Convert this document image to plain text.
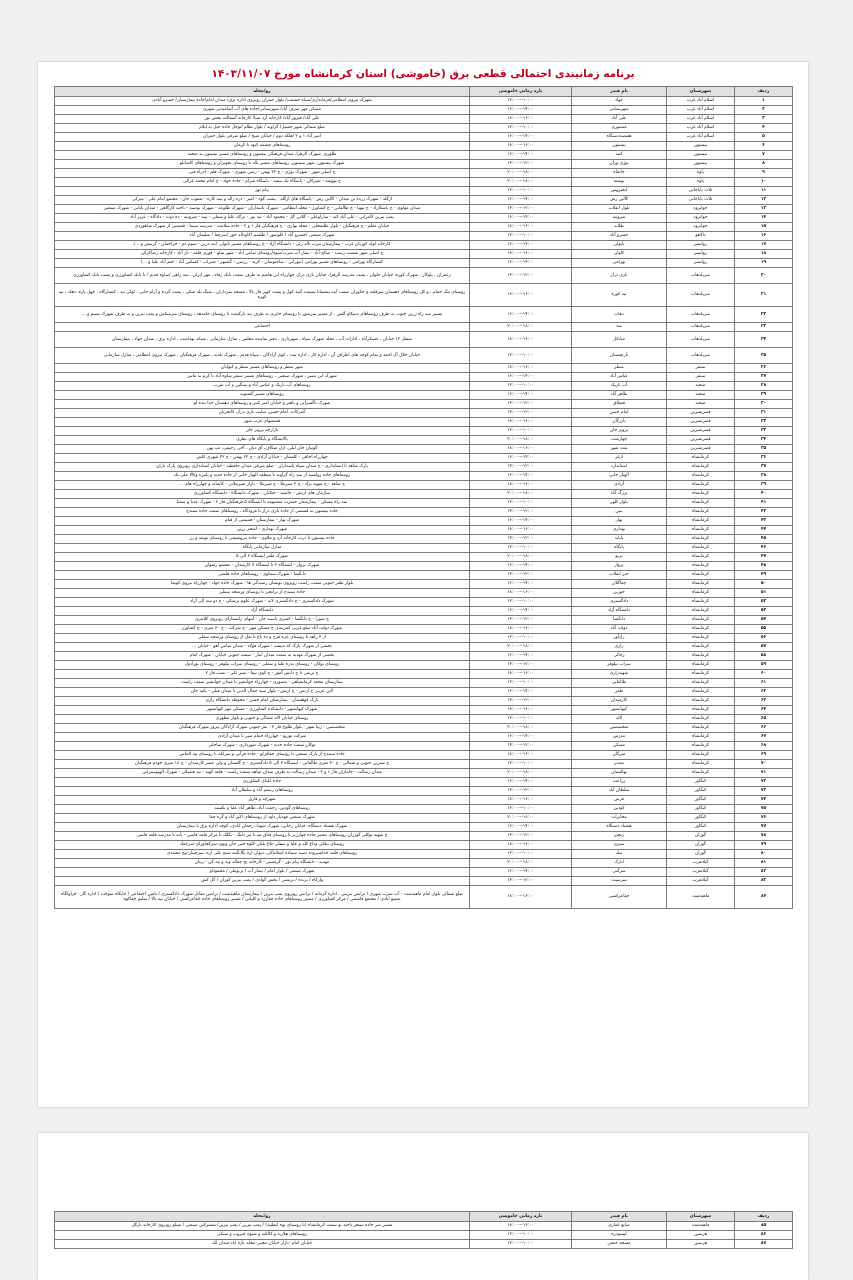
برنامه زمانبندی احتمالی قطعی برق (خاموشی) استان کرمانشاه مورخ ۱۴۰۳/۱۱/۰۷
ردیف	شهرستان	نام فیدر	بازه زمانی خاموشی	رو/محله
۱	اسلام آباد غرب	جهاد	۱۰:۰۰---۱۲:۰۰	شهرک نیروی انتظامی/فرمانداری/سپاه حشمت/ بلوار جمران روبروی اداره برق/ میدان امام/جاده بیمارستان/ خسرو آبادی
۲	اسلام آباد غرب	شهرستانی	۱۴:۰۰---۱۶:۰۰	مسکن مهر شرف آباد/ شهرستانی/جاده های آب آشامیدنی شهری
۳	اسلام آباد غرب	علی آباد	۱۶:۰۰---۱۸:۰۰	علی آباد/ فیروز آباد/ کارخانه آرد مینا/ کارخانه آسفالت بخش نور
۴	اسلام آباد غرب	منصوری	۱۰:۰۰---۱۲:۰۰	ضلع شمالی شهر حسیل/ گراوند / بلوار نظام /توحل جاده حیل به ایلام
۵	اسلام آباد غرب	هفتصددستگاه	۱۴:۰۰---۱۶:۰۰	امیر آباد ۱ و ۲ /فلکه دوم / خیابان شیخ / ضلع شرقی بلوار جمران
۶	بیستون	بیستون	۱۶:۰۰---۱۸:۰۰	روستاهای چشمه کبود تا کرمان
۷	بیستون	کنبه	۱۴:۰۰---۱۶:۰۰	طلوری، شهرک الزهرا، میدان فرهنگی بیستون و روستاهای مسیر بیستون به صحنه
۸	بیستون	نوژی وران	۱۲:۰۰---۱۴:۰۰	شهرک بیستون، شهر بیستون، روستاهای مسیر ناله تا روستای نجوبران و روستاهای کاشانلو
۹	پاوه	خانقاه	۱۸:۰۰---۲۰:۰۰	ج اصلی شهر - شهرک نوژی - ج ۲۲ بهمن - رمین شهری - شهرک قلم - ادراه فنی
۱۰	پاوه	نوشته	۱۸:۰۰---۲۰:۰۰	ج تووشه - شیرکان - پاسگاه تک تیشه - پاسگاه شرام - جاده جهاد - ج امام محمد غزالی
۱۱	ثلاث باباجانی	انجیروس	۱۰:۰۰---۱۲:۰۰	پیام نور
۱۲	ثلاث باباجانی	گالین رش	۱۴:۰۰---۱۶:۰۰	ازگله - شهرک زرده تن میدان - گالین رش - پاسگاه های ازگله - پشت کوه - امیر - دره زاله و بینه کاره - یعقوب جان - مجتمع امام علی - میرکی
۱۳	جوانرود	بلوار انقلاب	۱۲:۰۰---۱۴:۰۰	میدان مولوی - ج باشکاراد - ج تیهیا - ج طالقانی - ج کشاورز - محله انتظامی - شهرک پاسداران - شهرک طلوعه - شهرک نوصبه - ناحیه کارگاهی - میدان پایانی - شهرک صنعتی
۱۴	جوانرود	شروینه	۱۴:۰۰---۱۶:۰۰	پمپ بنزین کامرانی - علی آباد کنه - ساراوعلی - گلانی گل - محمود آباد - نیه نور - تراکه علیا و سفلی - بینه - شروینه - ده دوت - دادگاه - عزیز آباد
۱۵	جوانرود	طلایه	۱۶:۰۰---۱۸:۰۰	خیابان معلم - ج فرهنگیان - بلوار طلسحلی - محله بهاری - ج فرهنگیان فاز ۱ و ۲ - جاده سلامت - مدرسه سیما - قسمتی از شهرک شاهوردی
۱۶	دالاهو	خسرو آباد	۱۰:۰۰---۱۲:۰۰	شهرک صنعتی /خسرو آباد / کلوسور / طلسم /کاوداله خور /سرچغا / سلیمان آباد
۱۷	روانسر	باتولی	۱۴:۰۰---۱۶:۰۰	کارخانه لوله کوزنان غرب - بیمارستان نیرب تاله رئی - دانشگاه آزاد - ج روستاهای مسیر باتولی (بنه درین - سوم دم - خراحمان - گرنیش و ...)
۱۸	روانسر	کاوان	۱۶:۰۰---۱۸:۰۰	ج اصلی شهر شست رست - صالح آباد - بیمار آب شرب/میوه/روستای صامن اباد - شهر شلو - قوری قلعه - تاز آباد - کارخانه رضاکرکی
۱۹	روانسر	بهرامی	۱۴:۰۰---۱۶:۰۰	کشتارگاه بهرامی - روستاهای مسیر بهرامی (تیوراتی - ساختوشان - کرند - رزمین - گشتهر - شیراب - کسکین آباد - ختم آباد علیا و ...)
۲۰	سرپلذهاب	بازی دراز	۱۲:۰۰---۱۴:۰۰	زعفران ، پلوکار ، شهرک کوره، خیابان حلوان ، پشت مدرسه الزهرا، خیابان بازی دراز، چهارراه ابن هاشم به طرف سمت بانک رفاه ، مهر ایران ، سه راهی /ساوه قدیم / تا بانک کشاورزی و پشت بانک کشاورزی
۲۱	سرپلذهاب	تپه کوره	۱۶:۰۰---۱۸:۰۰	روستای تنگ حمام ، و کل روستاهای دهستان سرقلعه و حکوران سمت آبیه پشتمانا بسمت گنبد کول و پشت کویر فاز بالا ، مسجد سرداران ، سنگ بله شکی ، پشت گرده و آرام جانی ، لولی بید ، کشتارگاه ، چهل پاره، دهک ، تپه کوره
۲۲	سرپلذهاب	ذهاب	۱۴:۰۰---۱۶:۰۰	مسیر سه راه زرین جنوب به طرف روستاهای دسکاو گلش ، از مسیر سرسور تا روستای جابری به طرف تپه بازگشت تا روستای جامدهد ، روستای سرمیکس و پمپ بنزین و به طرف شهرک نسیم و ...
۲۳	سرپلذهاب	سد	۱۸:۰۰---۲۰:۰۰	احتماعی
۲۴	سرپلذهاب	میانکل	۱۶:۰۰---۱۸:۰۰	منتقل ۱۲ خیابان ، عسکرآباد ، ادارات آب ، محله شهرک سپاه ، شهرداری ، دفتر نماینده مجلس ، منازل سازمانی ، شبکه بهداشت ، اداره برق ، میدان جهاد ، بیمارستان
۲۵	سرپلذهاب	نارنجستان	۱۰:۰۰---۱۲:۰۰	خیابان جلال آل احمد و تمام کوچه های اطراف آن ، اداره کار ، اداره ثبت ، کوی آزادگان ، سپاه قدیم ، شهرک بلدیه ، شهرک فرهنگیان ، شهرک نیروی انتظامی ، منازل سازمانی
۲۶	سنقر	سطر	۱۶:۰۰---۱۸:۰۰	شهر سطر و روستاهای مسیر سطر و کیوانان
۲۷	سنقر	عباس آباد	۱۴:۰۰---۱۶:۰۰	شهرک ابن بصیر ، شهرک صنعتی ، روستاهای مسیر سنقر ساوه آباد تا کرم نه ماس
۲۸	صحنه	آب باریک	۱۰:۰۰---۱۲:۰۰	روستاهای آب باریک و عباس آباد و سنگین و آب شرب
۲۹	صحنه	طاهر آباد	۱۴:۰۰---۱۶:۰۰	روستاهای مسیر گشنویه
۳۰	صحنه	قشلاق	۱۲:۰۰---۱۴:۰۰	شهرک ناگسرانی و باهنر و خیابان امیر کبیر و روستاهای دهستان خدا بنده لو
۳۱	قصرشیرین	امام حسن	۱۲:۰۰---۱۴:۰۰	گمرکات، امام حسن، سایت بازی دراز، کانچریان
۳۲	قصرشیرین	بازرگان	۱۶:۰۰---۱۸:۰۰	قسمتهای غرب شهر
۳۳	قصرشیرین	پرویز خان	۱۰:۰۰---۱۲:۰۰	بازارچه پرویز خان
۳۴	قصرشیرین	چهارشت	۱۸:۰۰---۲۰:۰۰	پالایشگاه و پایگاه های نظری
۳۵	قصرشیرین	نفت شهر	۱۶:۰۰---۱۸:۰۰	گوتپان خان لیلی، ازل شکاف، آق دیان ، آجر، رحیمی، تپ پهن
۳۶	کرمانشاه	ازغر	۱۴:۰۰---۱۶:۰۰	چهارراه اجاقی - کلستان - خیابان آزادی - ج ۲۲ بهمن - ج ۲۲ شهری کلش
۳۷	کرمانشاه	استاندارد	۱۲:۰۰---۱۴:۰۰	پارک شاهد تا استانداری - ج میدان سپاه پاسداران - ضلع شرقی میدان حافظیه - خیابان استانداری روبروی پارک باران
۳۸	کرمانشاه	الهیار خانی	۱۴:۰۰---۱۶:۰۰	روستاهای جاده رولسند از سه راه گراوند تا منطقه الهیار خانی از جاده جدید و پاتیره وکالا علی تک
۳۹	کرمانشاه	آزادی	۱۶:۰۰---۱۸:۰۰	ج شاهد - ج شهید نژاد - ج ۲ شیرملا - ج شیرملا - بازار شیرملانی - کاشانه و چهارراه های ...
۴۰	کرمانشاه	برزگ آباد	۱۸:۰۰---۲۰:۰۰	سازمان های ارتش - حاشیه - جتلانان - شهرک دانشگاه - دانشگاه کشاورزی
۴۱	کرمانشاه	بلوار کلهر	۱۰:۰۰---۱۲:۰۰	سه راه مسکن - بیمارستان حضرت معصومه تا ایستگاه ۵ فرهنگیان فاز ۲ - شهرک عدنا و سمنا
۴۲	کرمانشاه	بنین	۱۲:۰۰---۱۴:۰۰	جاده بیستون به قسمتی از جاده بازی دراز تا فرودگاه ، روستاهای سمت جاده سنندج
۴۳	کرمانشاه	بهار	۱۴:۰۰---۱۶:۰۰	شهرک بهار - بیمارستان - قسمتی از قیام
۴۴	کرمانشاه	بهداری	۱۶:۰۰---۱۸:۰۰	شهرک بهداری - امتحر رزین
۴۵	کرمانشاه	پایانه	۱۲:۰۰---۱۴:۰۰	جاده بیستون تا درب کارخانه آرد و ملاوی - جاده پتروشیمی تا روستای توشه و رز
۴۶	کرمانشاه	پایگاه	۱۰:۰۰---۱۲:۰۰	منازل سازمانی پایگاه
۴۷	کرمانشاه	پرتو	۱۸:۰۰---۲۰:۰۰	شهرک ظفر ایستگاه ۳ الی ۵
۴۸	کرمانشاه	پرواز	۱۴:۰۰---۱۶:۰۰	شهرک پرواز - ایستگاه ۲ تا ایستگاه ۷ کارمندان - مجتمع رضوان
۴۹	کرمانشاه	جبر انقلاب	۱۲:۰۰---۱۴:۰۰	دانگشا - شهرک سماوی - روستاهای جاده هلشی
۵۰	کرمانشاه	چقاگلان	۱۴:۰۰---۱۶:۰۰	بلوار ظفر جنوبی سمت راست روبروی بوستان رسیدگی ها - شهرک جاده جهاد - چهارراه نیروی کوشا
۵۱	کرمانشاه	خورین	۱۶:۰۰---۱۸:۰۰	جاده سنندج از ترانچی تا روستای ورمنجه سفلی
۵۲	کرمانشاه	دادگستری	۱۰:۰۰---۱۲:۰۰	شهرک دادگستری - ج دادگستری لانه - شهرک علوم پزشکی - ج دو سه الی آزاد
۵۳	کرمانشاه	دانشگاه آزاد	۱۴:۰۰---۱۶:۰۰	دانشگاه آزاد
۵۴	کرمانشاه	دانگشا	۱۲:۰۰---۱۴:۰۰	ج شورا - ج دانگشا - کسری یاسبه جان - انتهای زانستارای روبروی کلانتری
۵۵	کرمانشاه	دولت آباد	۱۶:۰۰---۱۸:۰۰	شهرک دولت آباد ضلع غربی کمربندی ج مسکن مهر - ج شرکت - ج ۳۰ متری - ج کشاورز
۵۶	کرمانشاه	رازآور	۱۰:۰۰---۱۲:۰۰	از ۳ راهه تا روستای عزه فرح و ده باغ تا نقل از روستای ورمنجه سفلی
۵۷	کرمانشاه	رازی	۱۸:۰۰---۲۰:۰۰	بخشی از شهرک بازک که دنیشه - شهرک فولاد - میدان ضامن آهو - خیابان ...
۵۸	کرمانشاه	رجائی	۱۴:۰۰---۱۶:۰۰	بخشی از شهرک مهدیه به سمت میدان انبار - سمت جنوبی خیابان - شهرک امام
۵۹	کرمانشاه	سراب نیلوفر	۱۲:۰۰---۱۴:۰۰	روستای نوکان - روستای بدره علیا و سفلی - روستای سراب نیلوفر - روستای نورادول
۶۰	کرمانشاه	شهیدزاری	۱۶:۰۰---۱۸:۰۰	ج بریعی تا ج دانش آموز - ج کوی نیما - شبر بکی - نصب فاز ۲
۶۱	کرمانشاه	طالقانی	۱۰:۰۰---۱۲:۰۰	بیمارستان محمد کرمانشاهی - مصوری - چهارراه جوانشیر تا میدان جوانشیر سمت راست
۶۲	کرمانشاه	ظفر	۱۴:۰۰---۱۶:۰۰	لاین عربی ج ارتش - ج ارتش - بلوار سید جمال الدین تا میدان فیلی - تکیه خان
۶۳	کرمانشاه	کارمندان	۱۲:۰۰---۱۴:۰۰	پارک کوهستان - بیمارستان امام حسن - محوطه دانشگاه رازی
۶۴	کرمانشاه	کیهانشهر	۱۶:۰۰---۱۸:۰۰	شهرک کیهانشهر - دانشکده کشاورزی - مسکن مهر کیهانشهر
۶۵	کرمانشاه	لاله	۱۰:۰۰---۱۲:۰۰	روستای خیابان لاله شمالی و جنوبی و بلوار مطهری
۶۶	کرمانشاه	متخصصین	۱۸:۰۰---۲۰:۰۰	متخصصین - زیبا شهر - بلوار طلوع فاز ۳ - نقر جنوبی شهرک آزادگان پیروز شهرک فرهنگیان
۶۷	کرمانشاه	مدرس	۱۴:۰۰---۱۶:۰۰	شرکت توزیع - چهارراه حمام شیر تا میدان آزادی
۶۸	کرمانشاه	مسکن	۱۲:۰۰---۱۴:۰۰	توکان سمت جاده جدید - شهرک شهرداری - شهرک ساحلی
۶۹	کرمانشاه	میرگان	۱۶:۰۰---۱۸:۰۰	جاده سنندج از پارک صنعتی تا روستای چقاقرلو - جاده قرآنی و سرابله تا روستای تپه الماس
۷۰	کرمانشاه	نمدبر	۱۰:۰۰---۱۲:۰۰	ج نسرین جنوبی و شمالی - ج ۳۰ متری طالقانی - ایستگاه ۲ الی ۵ دادگستری - ج گلستان و ولی عصر کارمندان - ج ۱۸ متری خودم فرهنگیان
۷۱	کرمانشاه	نهالستان	۱۸:۰۰---۲۰:۰۰	میدان رسالت - جانبازان فاز ۱ و ۲ - میدان رسالت به طرف میدان شاهد سمت راست - قلعه کهنه - تپه قصیلان - شهرک الهیوسترانی
۷۲	کنگاور	زراعت	۱۴:۰۰---۱۶:۰۰	جاده ایلیای کشاورزی
۷۳	کنگاور	سلطان آباد	۱۲:۰۰---۱۴:۰۰	روستاهای رستم آباد و سلطان آباد
۷۴	کنگاور	فرش	۱۶:۰۰---۱۸:۰۰	شهرچه و فارق
۷۵	کنگاور	کودین	۱۰:۰۰---۱۲:۰۰	روستاهای گودین، رحمت آباد، طاهر آباد علیا و نکسنه
۷۶	کنگاور	مخابرات	۱۸:۰۰---۲۰:۰۰	شهرک صنعتی فهدیار داود از روستاهای اکبر آباد و گره چفا
۷۷	کنگاور	هشتاد دستگاه	۱۴:۰۰---۱۶:۰۰	شهرک هشتاد دستگاه، خیابان رجایی، شهرک شهدا، رحمان ابادی، کوچه اداره برق تا بیمارستان
۷۸	گوران	زنجیر	۱۲:۰۰---۱۴:۰۰	ج شهید توکلی گوزران روستاهای مسیر جاده چهارزبر تا روستای قباق تپه تا پیر دلنگ - بگلک نا مرکز قلعه قاسی - بانه تا مدرسه قلعه قاسی
۷۹	گوران	سبزی	۱۶:۰۰---۱۸:۰۰	روستای نیلکی وداغ کله و علیا و سفلی-بلاغ بلکی-کلوه حتی خان وتوی-سرکچاورای-سرچقاد
۸۰	گوران	تیله	۱۰:۰۰---۱۲:۰۰	روستاهای قلعه خداشیروده نصیه ستیاده اسلاماکی، دیوان اره بگانگینه شیخ علی اره، سرچینار-پنج محمدی
۸۱	گیلانغرب	انارک	۱۸:۰۰---۲۰:۰۰	مهدیه - دانشگاه پیام نور - گرمسیز - کارخانه یخ چفاله وند و تپه گن - زیبان
۸۲	گیلانغرب	سرگنی	۱۴:۰۰---۱۶:۰۰	شهرک صنعتی / بلوار امام / بیمار آب / برنوطی / محموداو
۸۳	گیلانغرب	سرسبت	۱۲:۰۰---۱۴:۰۰	وارکاه / برنده / ترنشی / بخش گوادی / پمپ بنزین کوران / گل کش
۸۴	ماهیدشت	چقاعزکسی	۱۶:۰۰---۱۸:۰۰	ضلع شمالی بلوار امام ماهیدشت - آب شرب شهری / ترانس بنزینی ، اداره گرمانه / ترانس روبروی پمپ بنزین / بیمارستان ماهیدشت / ترانس مقابل شهرک دادگستری / تامین اجتماعی / جایگاه سوخت / اداره گاز - قراولگاه شفیع ابادی / مجتمع قاسمی / مرکز کشاورزی / مسیر روستاهای جاده چقارزد و کلیانی / مسیر روستاهای جاده چقاعزکسی / خیابان تپه بالا / سلیم چقاکوه
ردیف	شهرستان	نام فیدر	بازه زمانی خاموشی	رو/محله
۸۵	ماهیدشت	صانع غفاری	۱۶:۰۰---۱۸:۰۰	مسیر سر جاده سنجر تاحیه نو سمت کرمانشاه (تا روستای نوه لیطینه) / پمپ بنزین / پمپ بنزین/ مشترکین صنعتی / سیلو روبروی کارخانه نارگل
۸۶	هرسین	لیسودره	۱۰:۰۰---۱۲:۰۰	روستاهای هلارید و کالکنه و شیوه چیروپ و سبکی
۸۷	هرسین	مسجد جنجی	۱۰:۰۰---۱۲:۰۰	خیابان امام -بازار خیابان مجنی-محله تازه اباد-میدان لک
